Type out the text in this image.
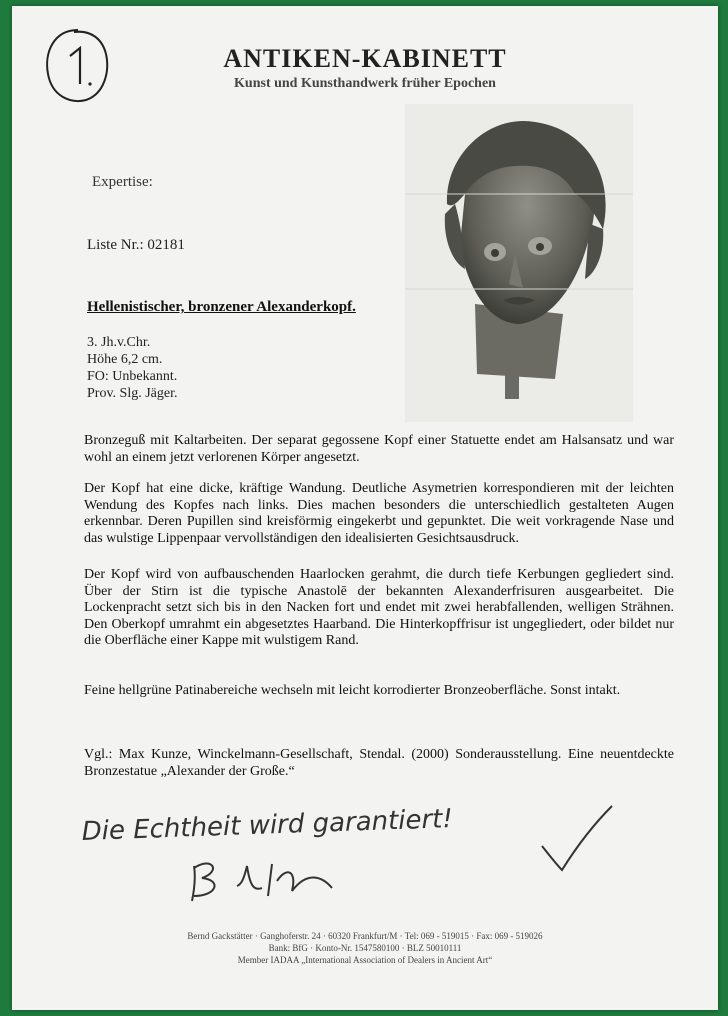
ANTIKEN-KABINETT
Kunst und Kunsthandwerk früher Epochen
Expertise:
Liste Nr.: 02181
Hellenistischer, bronzener Alexanderkopf.
3. Jh.v.Chr.
Höhe 6,2 cm.
FO: Unbekannt.
Prov. Slg. Jäger.
Bronzeguß mit Kaltarbeiten. Der separat gegossene Kopf einer Statuette endet am Halsansatz und war wohl an einem jetzt verlorenen Körper angesetzt.
Der Kopf hat eine dicke, kräftige Wandung. Deutliche Asymetrien korrespondieren mit der leichten Wendung des Kopfes nach links. Dies machen besonders die unterschiedlich gestalteten Augen erkennbar. Deren Pupillen sind kreisförmig eingekerbt und gepunktet. Die weit vorkragende Nase und das wulstige Lippenpaar vervollständigen den idealisierten Gesichtsausdruck.
Der Kopf wird von aufbauschenden Haarlocken gerahmt, die durch tiefe Kerbungen gegliedert sind. Über der Stirn ist die typische Anastolē der bekannten Alexanderfrisuren ausgearbeitet. Die Lockenpracht setzt sich bis in den Nacken fort und endet mit zwei herabfallenden, welligen Strähnen. Den Oberkopf umrahmt ein abgesetztes Haarband. Die Hinterkopffrisur ist ungegliedert, oder bildet nur die Oberfläche einer Kappe mit wulstigem Rand.
Feine hellgrüne Patinabereiche wechseln mit leicht korrodierter Bronzeoberfläche. Sonst intakt.
Vgl.: Max Kunze, Winckelmann-Gesellschaft, Stendal. (2000) Sonderausstellung. Eine neuentdeckte Bronzestatue „Alexander der Große.“
Die Echtheit wird garantiert!
Bernd Gackstätter · Ganghoferstr. 24 · 60320 Frankfurt/M · Tel: 069 - 519015 · Fax: 069 - 519026
Bank: BfG · Konto-Nr. 1547580100 · BLZ 50010111
Member IADAA „International Association of Dealers in Ancient Art“
